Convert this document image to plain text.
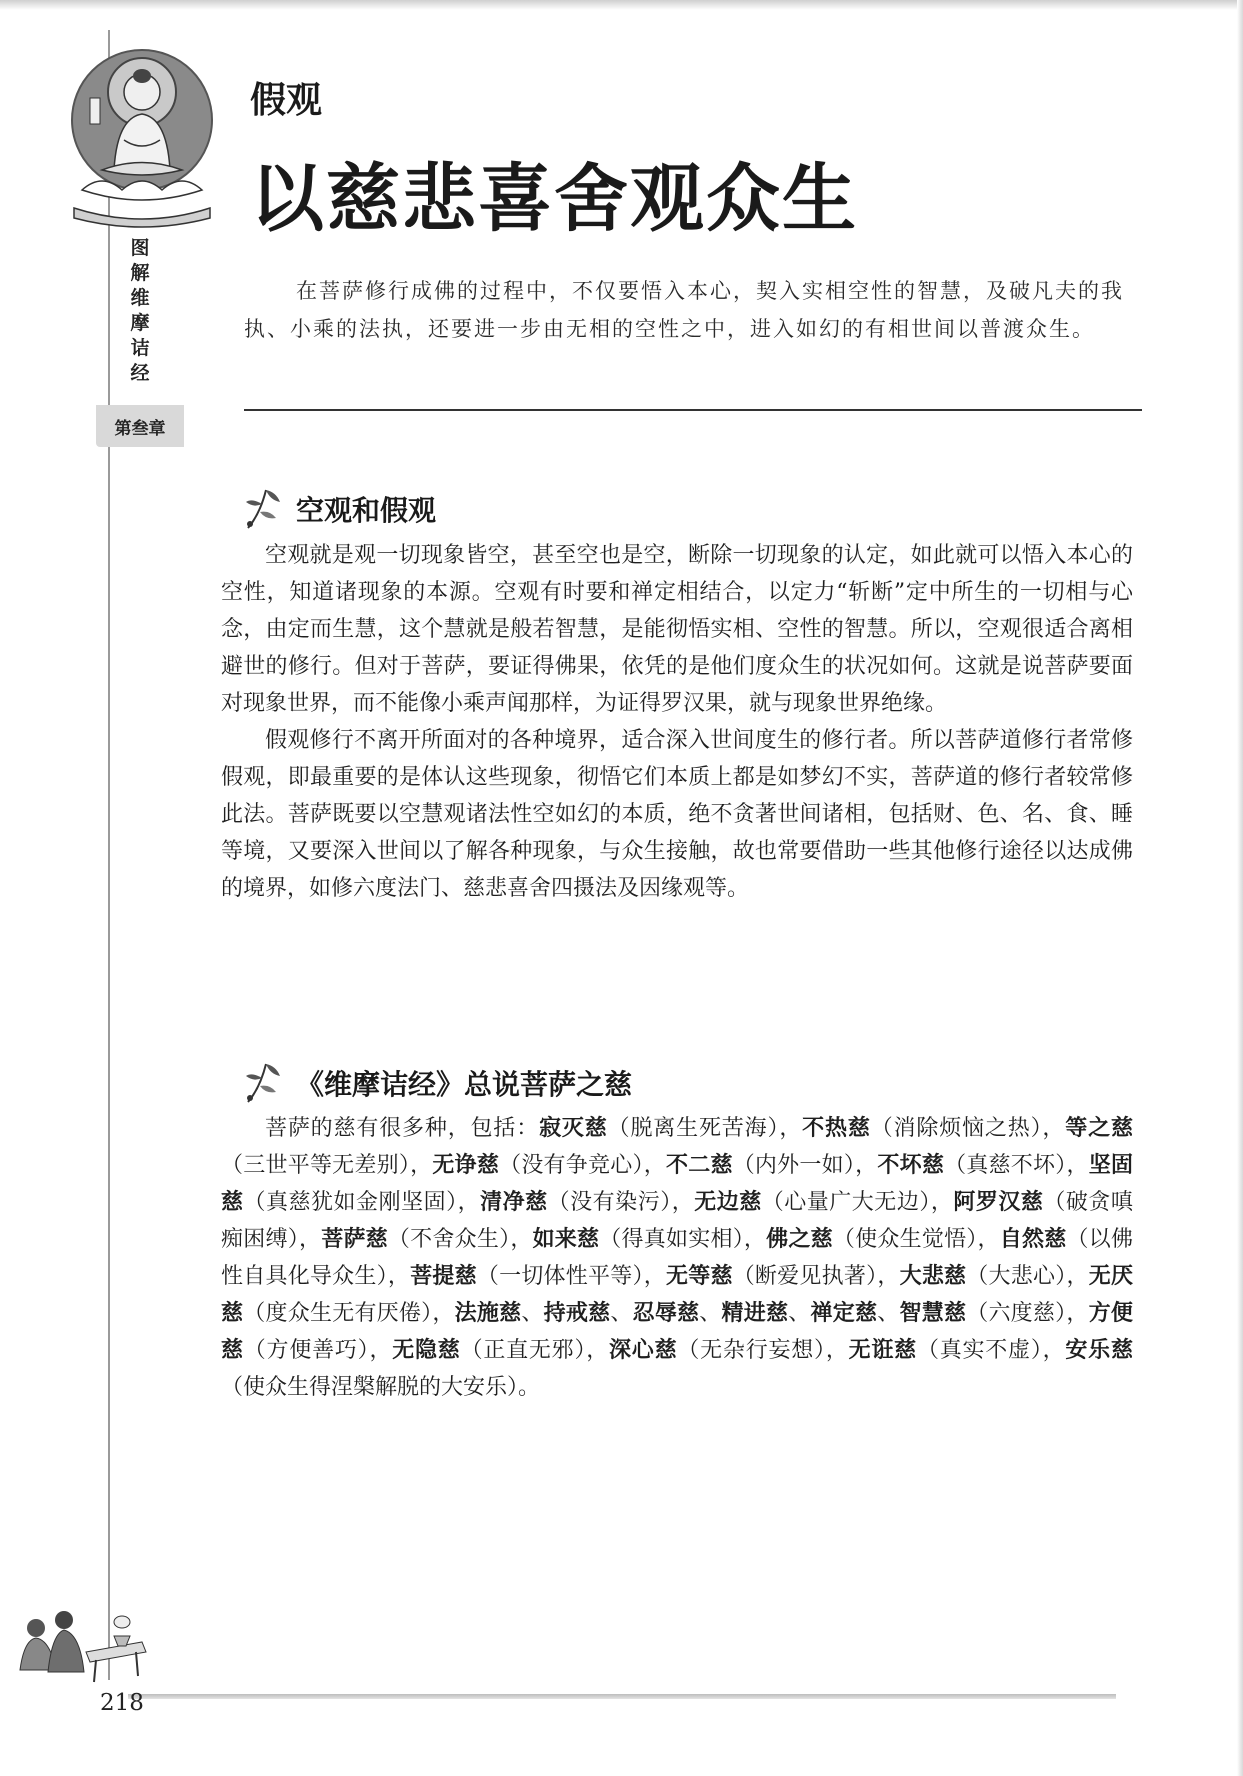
图解维摩诘经
第叁章
假观
以慈悲喜舍观众生
在菩萨修行成佛的过程中，不仅要悟入本心，契入实相空性的智慧，及破凡夫的我执、小乘的法执，还要进一步由无相的空性之中，进入如幻的有相世间以普渡众生。
空观和假观

空观就是观一切现象皆空，甚至空也是空，断除一切现象的认定，如此就可以悟入本心的空性，知道诸现象的本源。空观有时要和禅定相结合，以定力“斩断”定中所生的一切相与心念，由定而生慧，这个慧就是般若智慧，是能彻悟实相、空性的智慧。所以，空观很适合离相避世的修行。但对于菩萨，要证得佛果，依凭的是他们度众生的状况如何。这就是说菩萨要面对现象世界，而不能像小乘声闻那样，为证得罗汉果，就与现象世界绝缘。

假观修行不离开所面对的各种境界，适合深入世间度生的修行者。所以菩萨道修行者常修假观，即最重要的是体认这些现象，彻悟它们本质上都是如梦幻不实，菩萨道的修行者较常修此法。菩萨既要以空慧观诸法性空如幻的本质，绝不贪著世间诸相，包括财、色、名、食、睡等境，又要深入世间以了解各种现象，与众生接触，故也常要借助一些其他修行途径以达成佛的境界，如修六度法门、慈悲喜舍四摄法及因缘观等。

《维摩诘经》总说菩萨之慈

菩萨的慈有很多种，包括：寂灭慈（脱离生死苦海），不热慈（消除烦恼之热），等之慈（三世平等无差别），无诤慈（没有争竞心），不二慈（内外一如），不坏慈（真慈不坏），坚固慈（真慈犹如金刚坚固），清净慈（没有染污），无边慈（心量广大无边），阿罗汉慈（破贪嗔痴困缚），菩萨慈（不舍众生），如来慈（得真如实相），佛之慈（使众生觉悟），自然慈（以佛性自具化导众生），菩提慈（一切体性平等），无等慈（断爱见执著），大悲慈（大悲心），无厌慈（度众生无有厌倦），法施慈、持戒慈、忍辱慈、精进慈、禅定慈、智慧慈（六度慈），方便慈（方便善巧），无隐慈（正直无邪），深心慈（无杂行妄想），无诳慈（真实不虚），安乐慈（使众生得涅槃解脱的大安乐）。

218
